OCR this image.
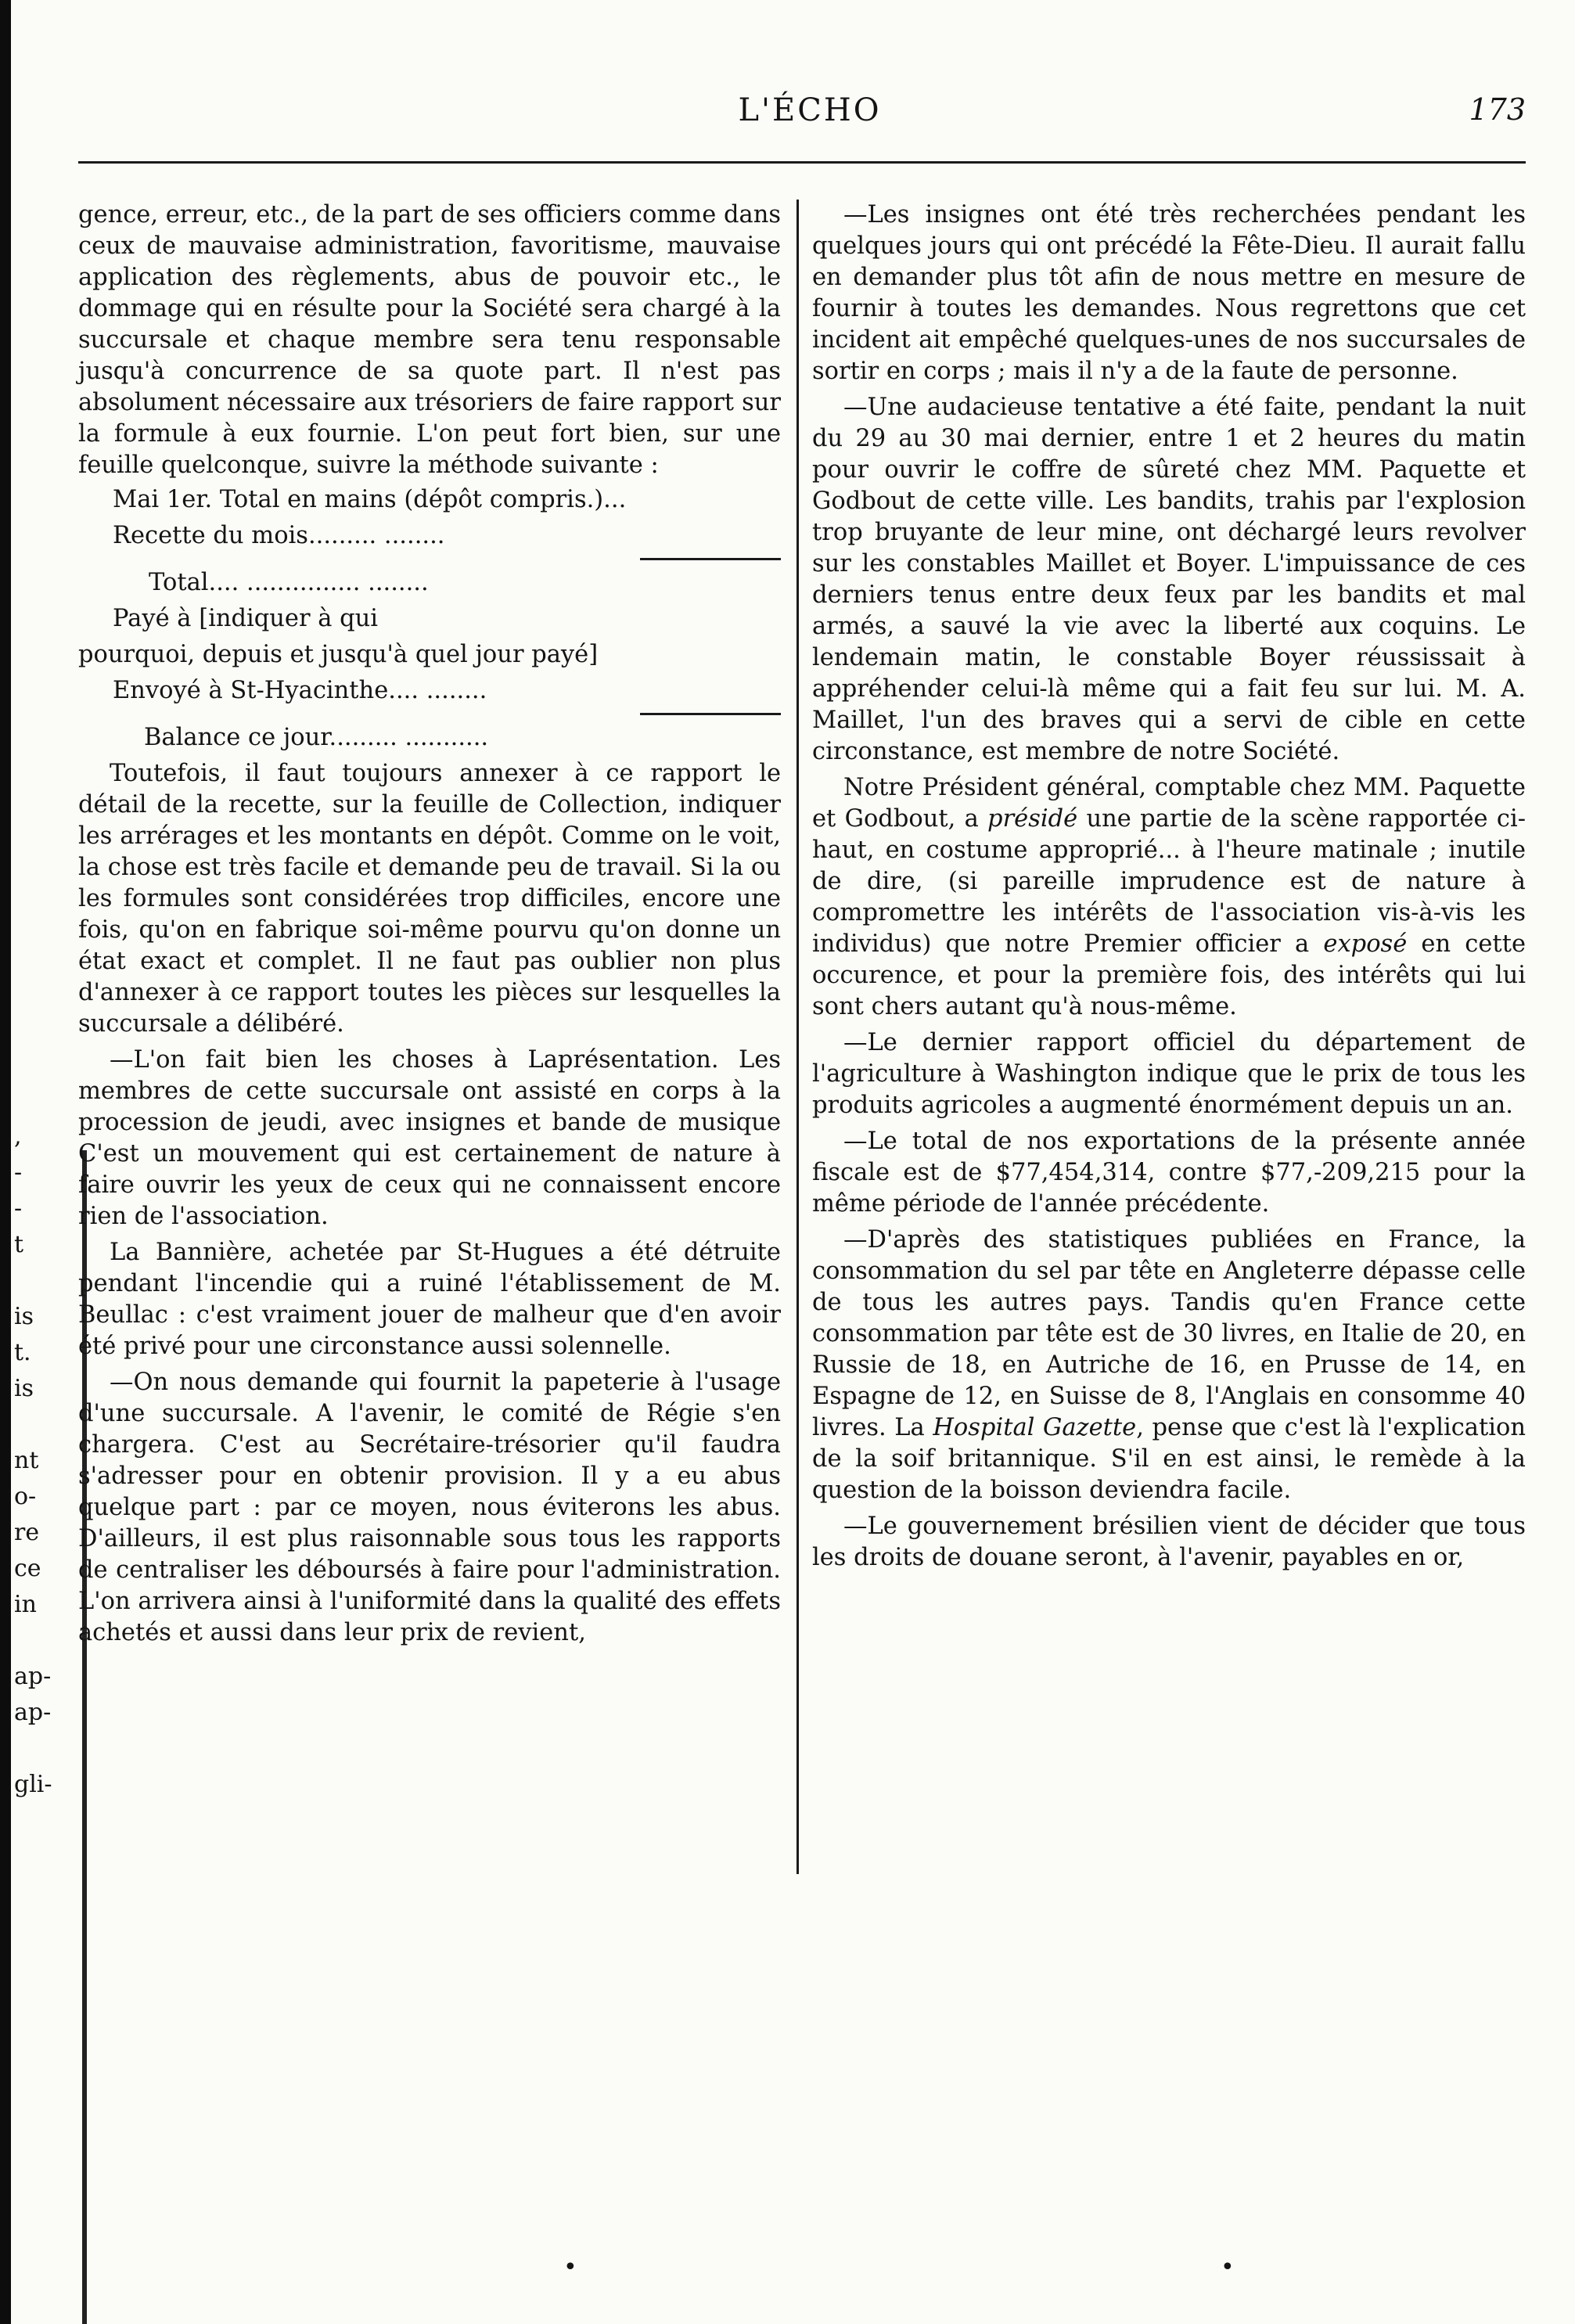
,
-
-
t
is
t.
is
nt
o-
re
ce
in
ap-
ap-
gli-
L'ÉCHO	173

gence, erreur, etc., de la part de ses officiers comme dans ceux de mauvaise administration, favoritisme, mauvaise application des règlements, abus de pouvoir etc., le dommage qui en résulte pour la Société sera chargé à la succursale et chaque membre sera tenu responsable jusqu'à concurrence de sa quote part. Il n'est pas absolument nécessaire aux trésoriers de faire rapport sur la formule à eux fournie. L'on peut fort bien, sur une feuille quelconque, suivre la méthode suivante :

Mai 1er. Total en mains (dépôt compris.)...

Recette du mois......... ........

Total.... ............... ........

Payé à [indiquer à qui

pourquoi, depuis et jusqu'à quel jour payé]

Envoyé à St-Hyacinthe.... ........

Balance ce jour......... ...........

Toutefois, il faut toujours annexer à ce rapport le détail de la recette, sur la feuille de Collection, indiquer les arrérages et les montants en dépôt. Comme on le voit, la chose est très facile et demande peu de travail. Si la ou les formules sont considérées trop difficiles, encore une fois, qu'on en fabrique soi-même pourvu qu'on donne un état exact et complet. Il ne faut pas oublier non plus d'annexer à ce rapport toutes les pièces sur lesquelles la succursale a délibéré.

—L'on fait bien les choses à Laprésentation. Les membres de cette succursale ont assisté en corps à la procession de jeudi, avec insignes et bande de musique C'est un mouvement qui est certainement de nature à faire ouvrir les yeux de ceux qui ne connaissent encore rien de l'association.

La Bannière, achetée par St-Hugues a été détruite pendant l'incendie qui a ruiné l'établissement de M. Beullac : c'est vraiment jouer de malheur que d'en avoir été privé pour une circonstance aussi solennelle.

—On nous demande qui fournit la papeterie à l'usage d'une succursale. A l'avenir, le comité de Régie s'en chargera. C'est au Secrétaire-trésorier qu'il faudra s'adresser pour en obtenir provision. Il y a eu abus quelque part : par ce moyen, nous éviterons les abus. D'ailleurs, il est plus raisonnable sous tous les rapports de centraliser les déboursés à faire pour l'administration. L'on arrivera ainsi à l'uniformité dans la qualité des effets achetés et aussi dans leur prix de revient,

—Les insignes ont été très recherchées pendant les quelques jours qui ont précédé la Fête-Dieu. Il aurait fallu en demander plus tôt afin de nous mettre en mesure de fournir à toutes les demandes. Nous regrettons que cet incident ait empêché quelques-unes de nos succursales de sortir en corps ; mais il n'y a de la faute de personne.

—Une audacieuse tentative a été faite, pendant la nuit du 29 au 30 mai dernier, entre 1 et 2 heures du matin pour ouvrir le coffre de sûreté chez MM. Paquette et Godbout de cette ville. Les bandits, trahis par l'explosion trop bruyante de leur mine, ont déchargé leurs revolver sur les constables Maillet et Boyer. L'impuissance de ces derniers tenus entre deux feux par les bandits et mal armés, a sauvé la vie avec la liberté aux coquins. Le lendemain matin, le constable Boyer réussissait à appréhender celui-là même qui a fait feu sur lui. M. A. Maillet, l'un des braves qui a servi de cible en cette circonstance, est membre de notre Société.

Notre Président général, comptable chez MM. Paquette et Godbout, a présidé une partie de la scène rapportée ci-haut, en costume approprié... à l'heure matinale ; inutile de dire, (si pareille imprudence est de nature à compromettre les intérêts de l'association vis-à-vis les individus) que notre Premier officier a exposé en cette occurence, et pour la première fois, des intérêts qui lui sont chers autant qu'à nous-même.

—Le dernier rapport officiel du département de l'agriculture à Washington indique que le prix de tous les produits agricoles a augmenté énormément depuis un an.

—Le total de nos exportations de la présente année fiscale est de $77,454,314, contre $77,-209,215 pour la même période de l'année précédente.

—D'après des statistiques publiées en France, la consommation du sel par tête en Angleterre dépasse celle de tous les autres pays. Tandis qu'en France cette consommation par tête est de 30 livres, en Italie de 20, en Russie de 18, en Autriche de 16, en Prusse de 14, en Espagne de 12, en Suisse de 8, l'Anglais en consomme 40 livres. La Hospital Gazette, pense que c'est là l'explication de la soif britannique. S'il en est ainsi, le remède à la question de la boisson deviendra facile.

—Le gouvernement brésilien vient de décider que tous les droits de douane seront, à l'avenir, payables en or,

•	•
